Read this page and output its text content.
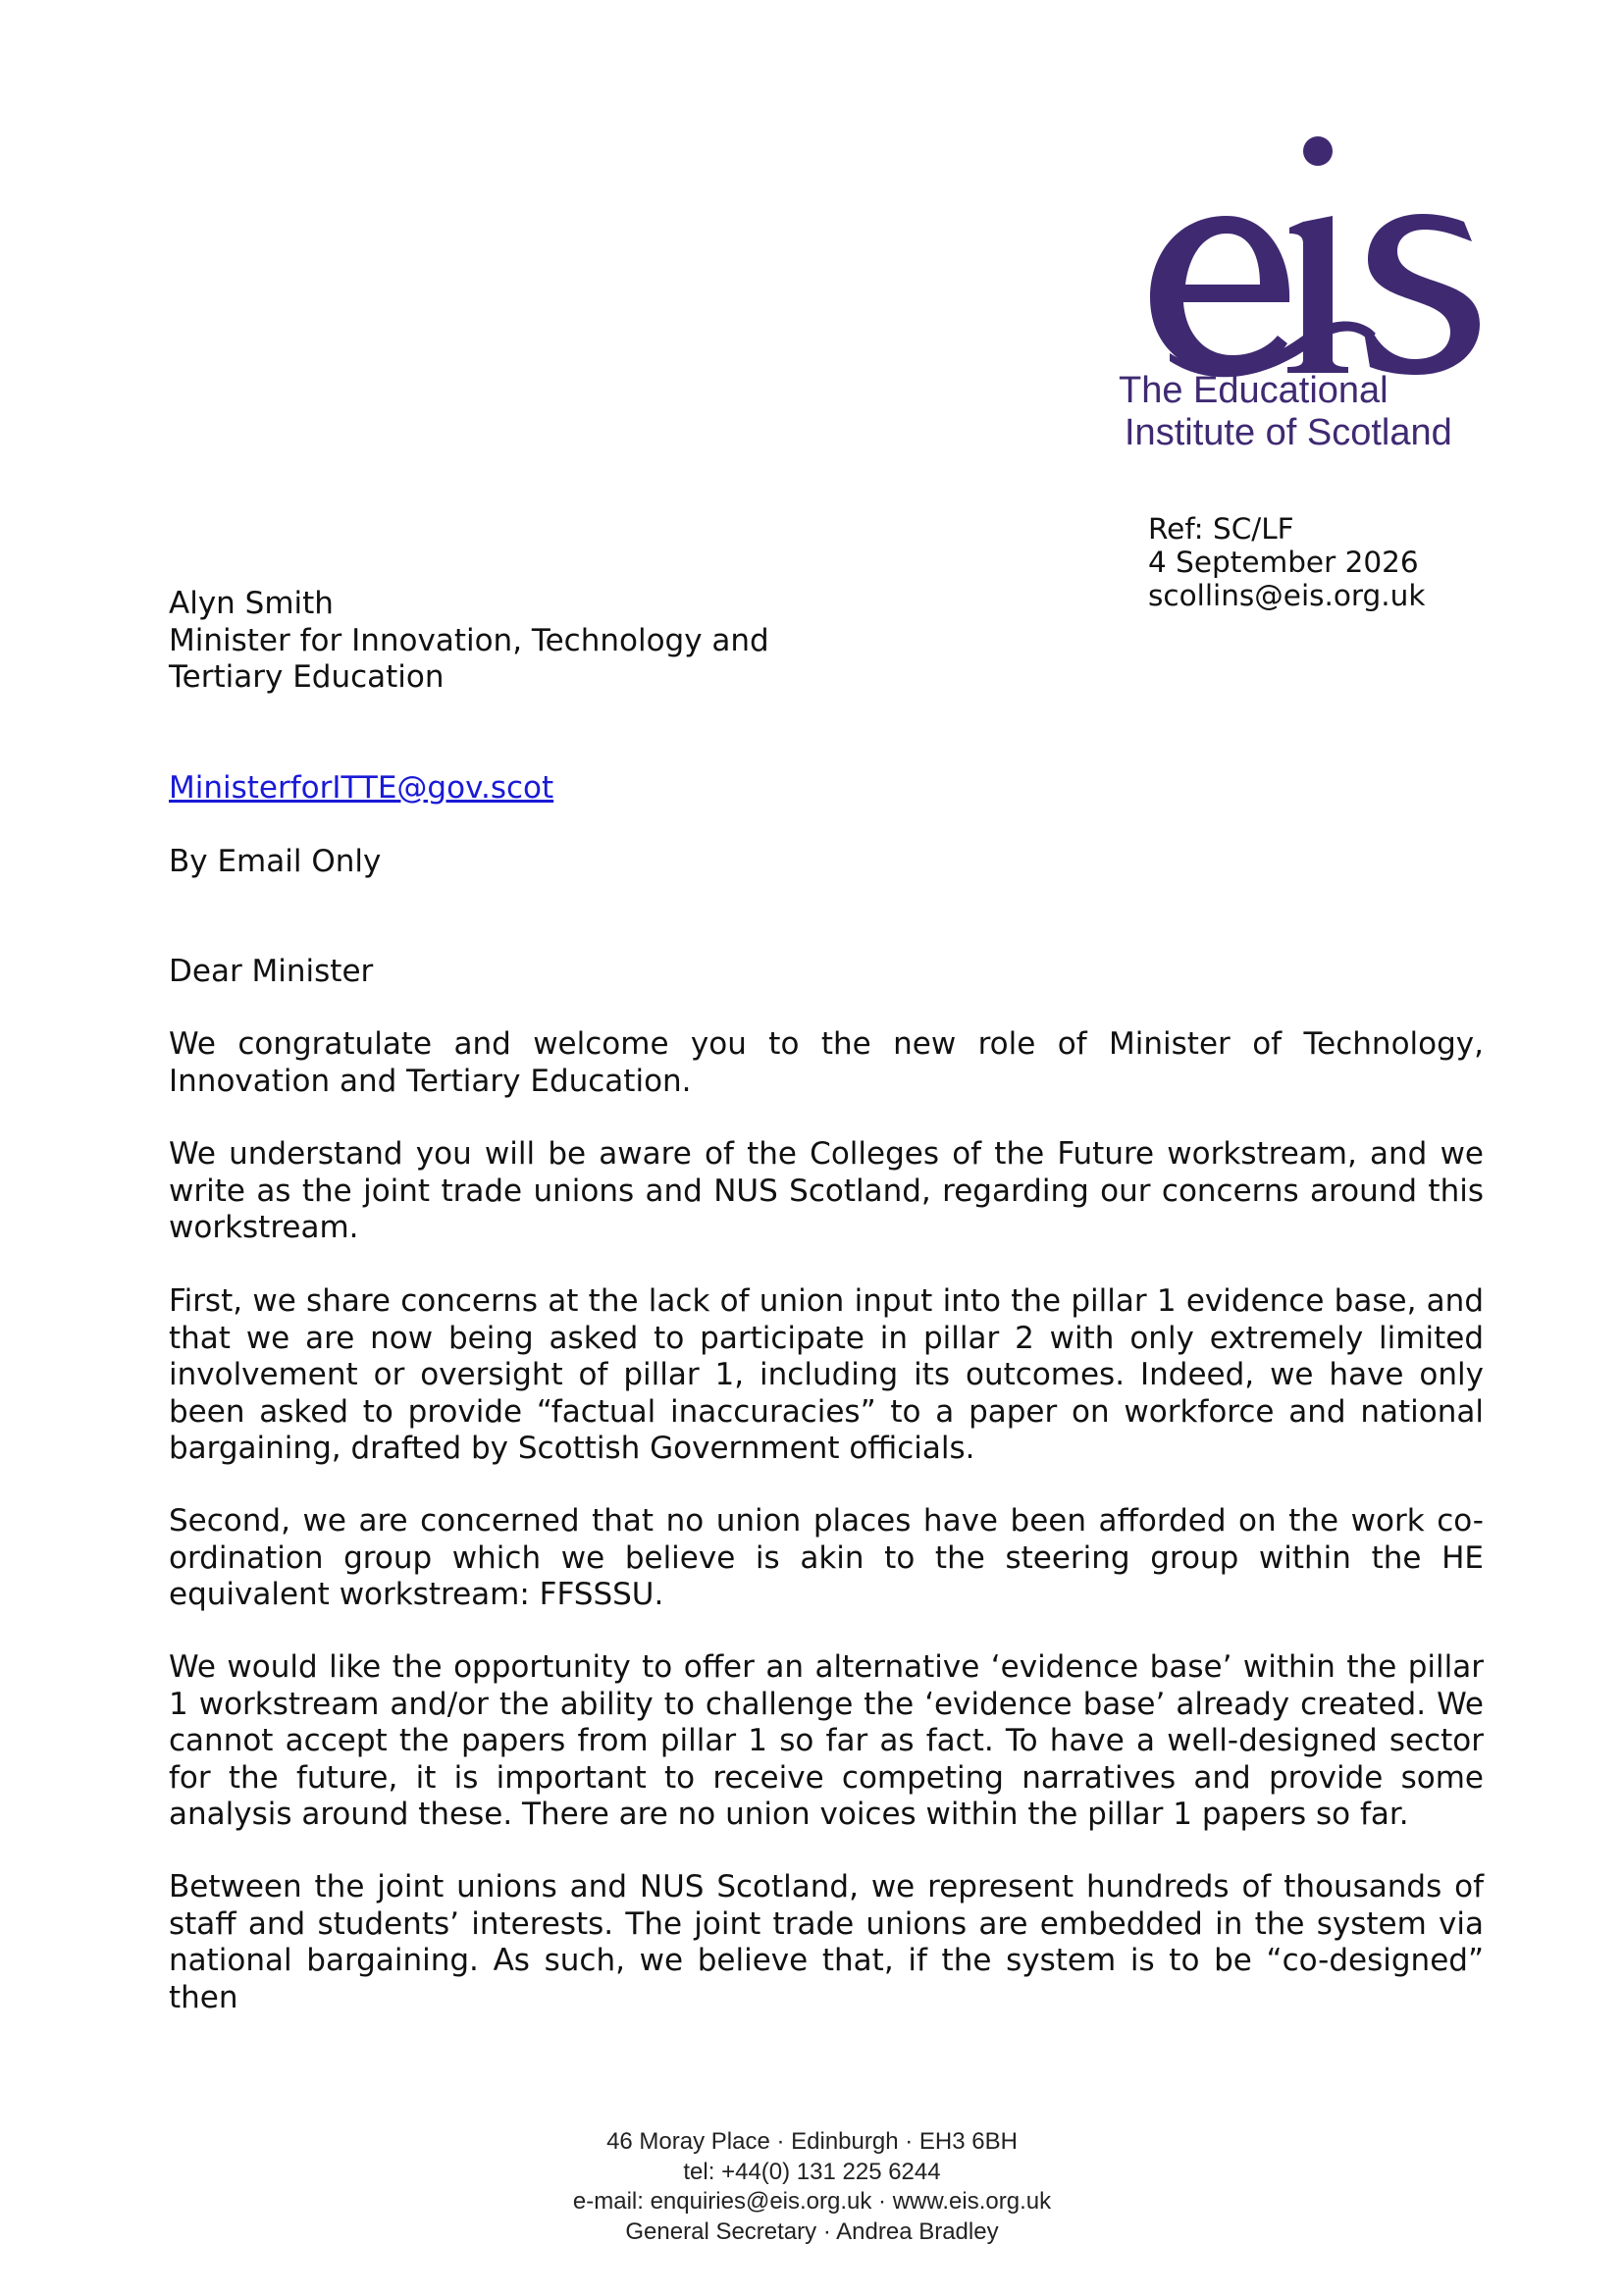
The Educational
Institute of Scotland
Ref: SC/LF
4 September 2026
scollins@eis.org.uk
Alyn Smith
Minister for Innovation, Technology and
Tertiary Education
MinisterforITTE@gov.scot
By Email Only
Dear Minister

We congratulate and welcome you to the new role of Minister of Technology, Innovation and Tertiary Education.

We understand you will be aware of the Colleges of the Future workstream, and we write as the joint trade unions and NUS Scotland, regarding our concerns around this workstream.

First, we share concerns at the lack of union input into the pillar 1 evidence base, and that we are now being asked to participate in pillar 2 with only extremely limited involvement or oversight of pillar 1, including its outcomes. Indeed, we have only been asked to provide “factual inaccuracies” to a paper on workforce and national bargaining, drafted by Scottish Government officials.

Second, we are concerned that no union places have been afforded on the work co-ordination group which we believe is akin to the steering group within the HE equivalent workstream: FFSSSU.

We would like the opportunity to offer an alternative ‘evidence base’ within the pillar 1 workstream and/or the ability to challenge the ‘evidence base’ already created. We cannot accept the papers from pillar 1 so far as fact. To have a well-designed sector for the future, it is important to receive competing narratives and provide some analysis around these. There are no union voices within the pillar 1 papers so far.

Between the joint unions and NUS Scotland, we represent hundreds of thousands of staff and students’ interests. The joint trade unions are embedded in the system via national bargaining. As such, we believe that, if the system is to be “co-designed” then

46 Moray Place · Edinburgh · EH3 6BH
tel: +44(0) 131 225 6244
e-mail: enquiries@eis.org.uk · www.eis.org.uk
General Secretary · Andrea Bradley
